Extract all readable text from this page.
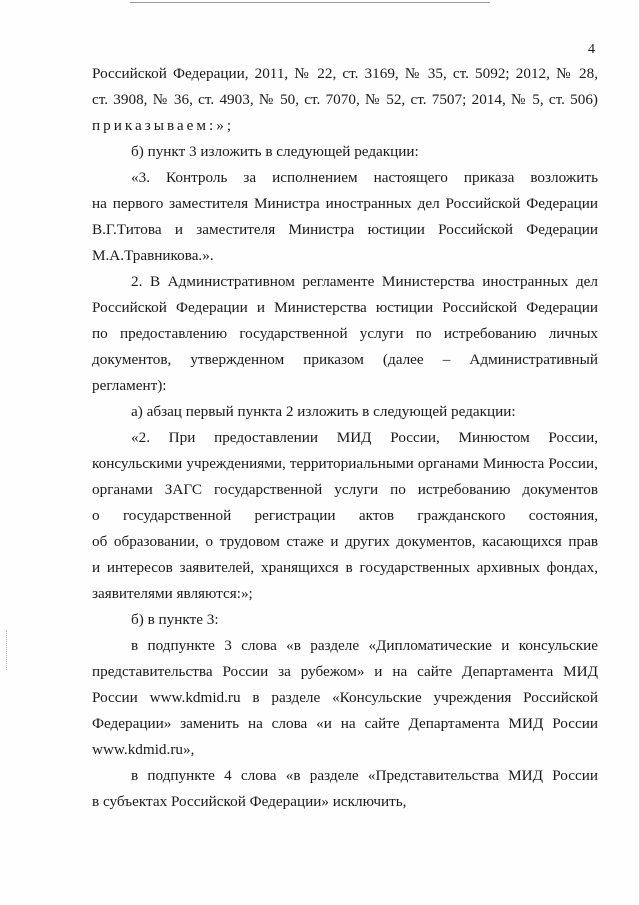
4
Российской Федерации, 2011, № 22, ст. 3169, № 35, ст. 5092; 2012, № 28,
ст. 3908, № 36, ст. 4903, № 50, ст. 7070, № 52, ст. 7507; 2014, № 5, ст. 506)
приказываем:»;
б) пункт 3 изложить в следующей редакции:
«3. Контроль за исполнением настоящего приказа возложить
на первого заместителя Министра иностранных дел Российской Федерации
В.Г.Титова и заместителя Министра юстиции Российской Федерации
М.А.Травникова.».
2. В Административном регламенте Министерства иностранных дел
Российской Федерации и Министерства юстиции Российской Федерации
по предоставлению государственной услуги по истребованию личных
документов, утвержденном приказом (далее – Административный
регламент):
а) абзац первый пункта 2 изложить в следующей редакции:
«2. При предоставлении МИД России, Минюстом России,
консульскими учреждениями, территориальными органами Минюста России,
органами ЗАГС государственной услуги по истребованию документов
о государственной регистрации актов гражданского состояния,
об образовании, о трудовом стаже и других документов, касающихся прав
и интересов заявителей, хранящихся в государственных архивных фондах,
заявителями являются:»;
б) в пункте 3:
в подпункте 3 слова «в разделе «Дипломатические и консульские
представительства России за рубежом» и на сайте Департамента МИД
России www.kdmid.ru в разделе «Консульские учреждения Российской
Федерации» заменить на слова «и на сайте Департамента МИД России
www.kdmid.ru»,
в подпункте 4 слова «в разделе «Представительства МИД России
в субъектах Российской Федерации» исключить,
